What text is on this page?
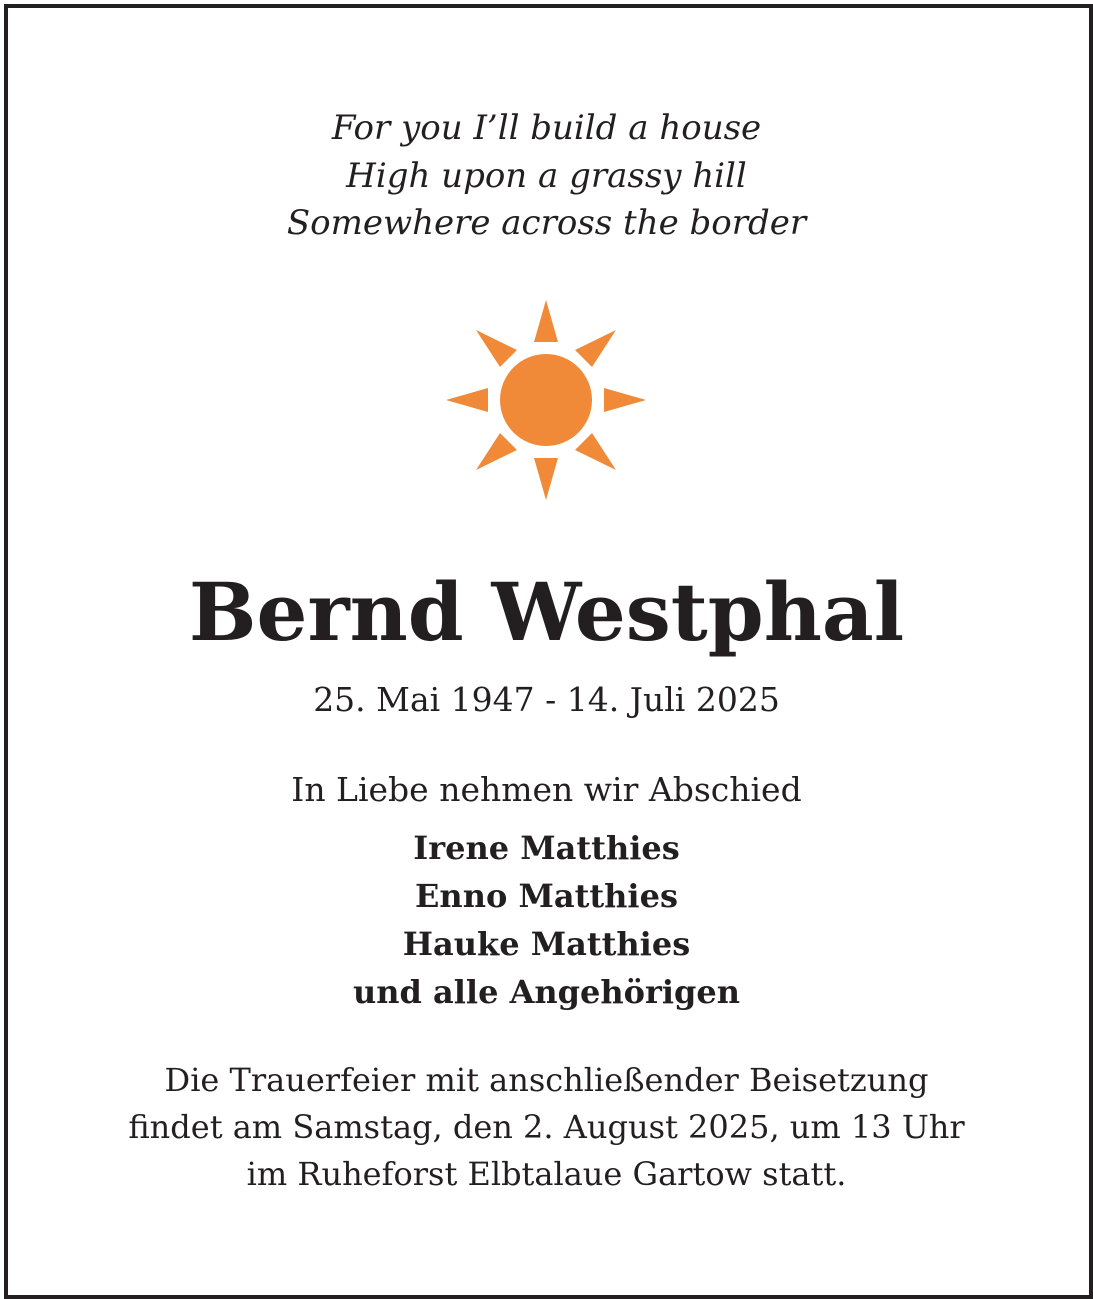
For you I’ll build a house
High upon a grassy hill
Somewhere across the border
Bernd Westphal
25. Mai 1947 - 14. Juli 2025
In Liebe nehmen wir Abschied
Irene Matthies
Enno Matthies
Hauke Matthies
und alle Angehörigen
Die Trauerfeier mit anschließender Beisetzung
findet am Samstag, den 2. August 2025, um 13 Uhr
im Ruheforst Elbtalaue Gartow statt.
